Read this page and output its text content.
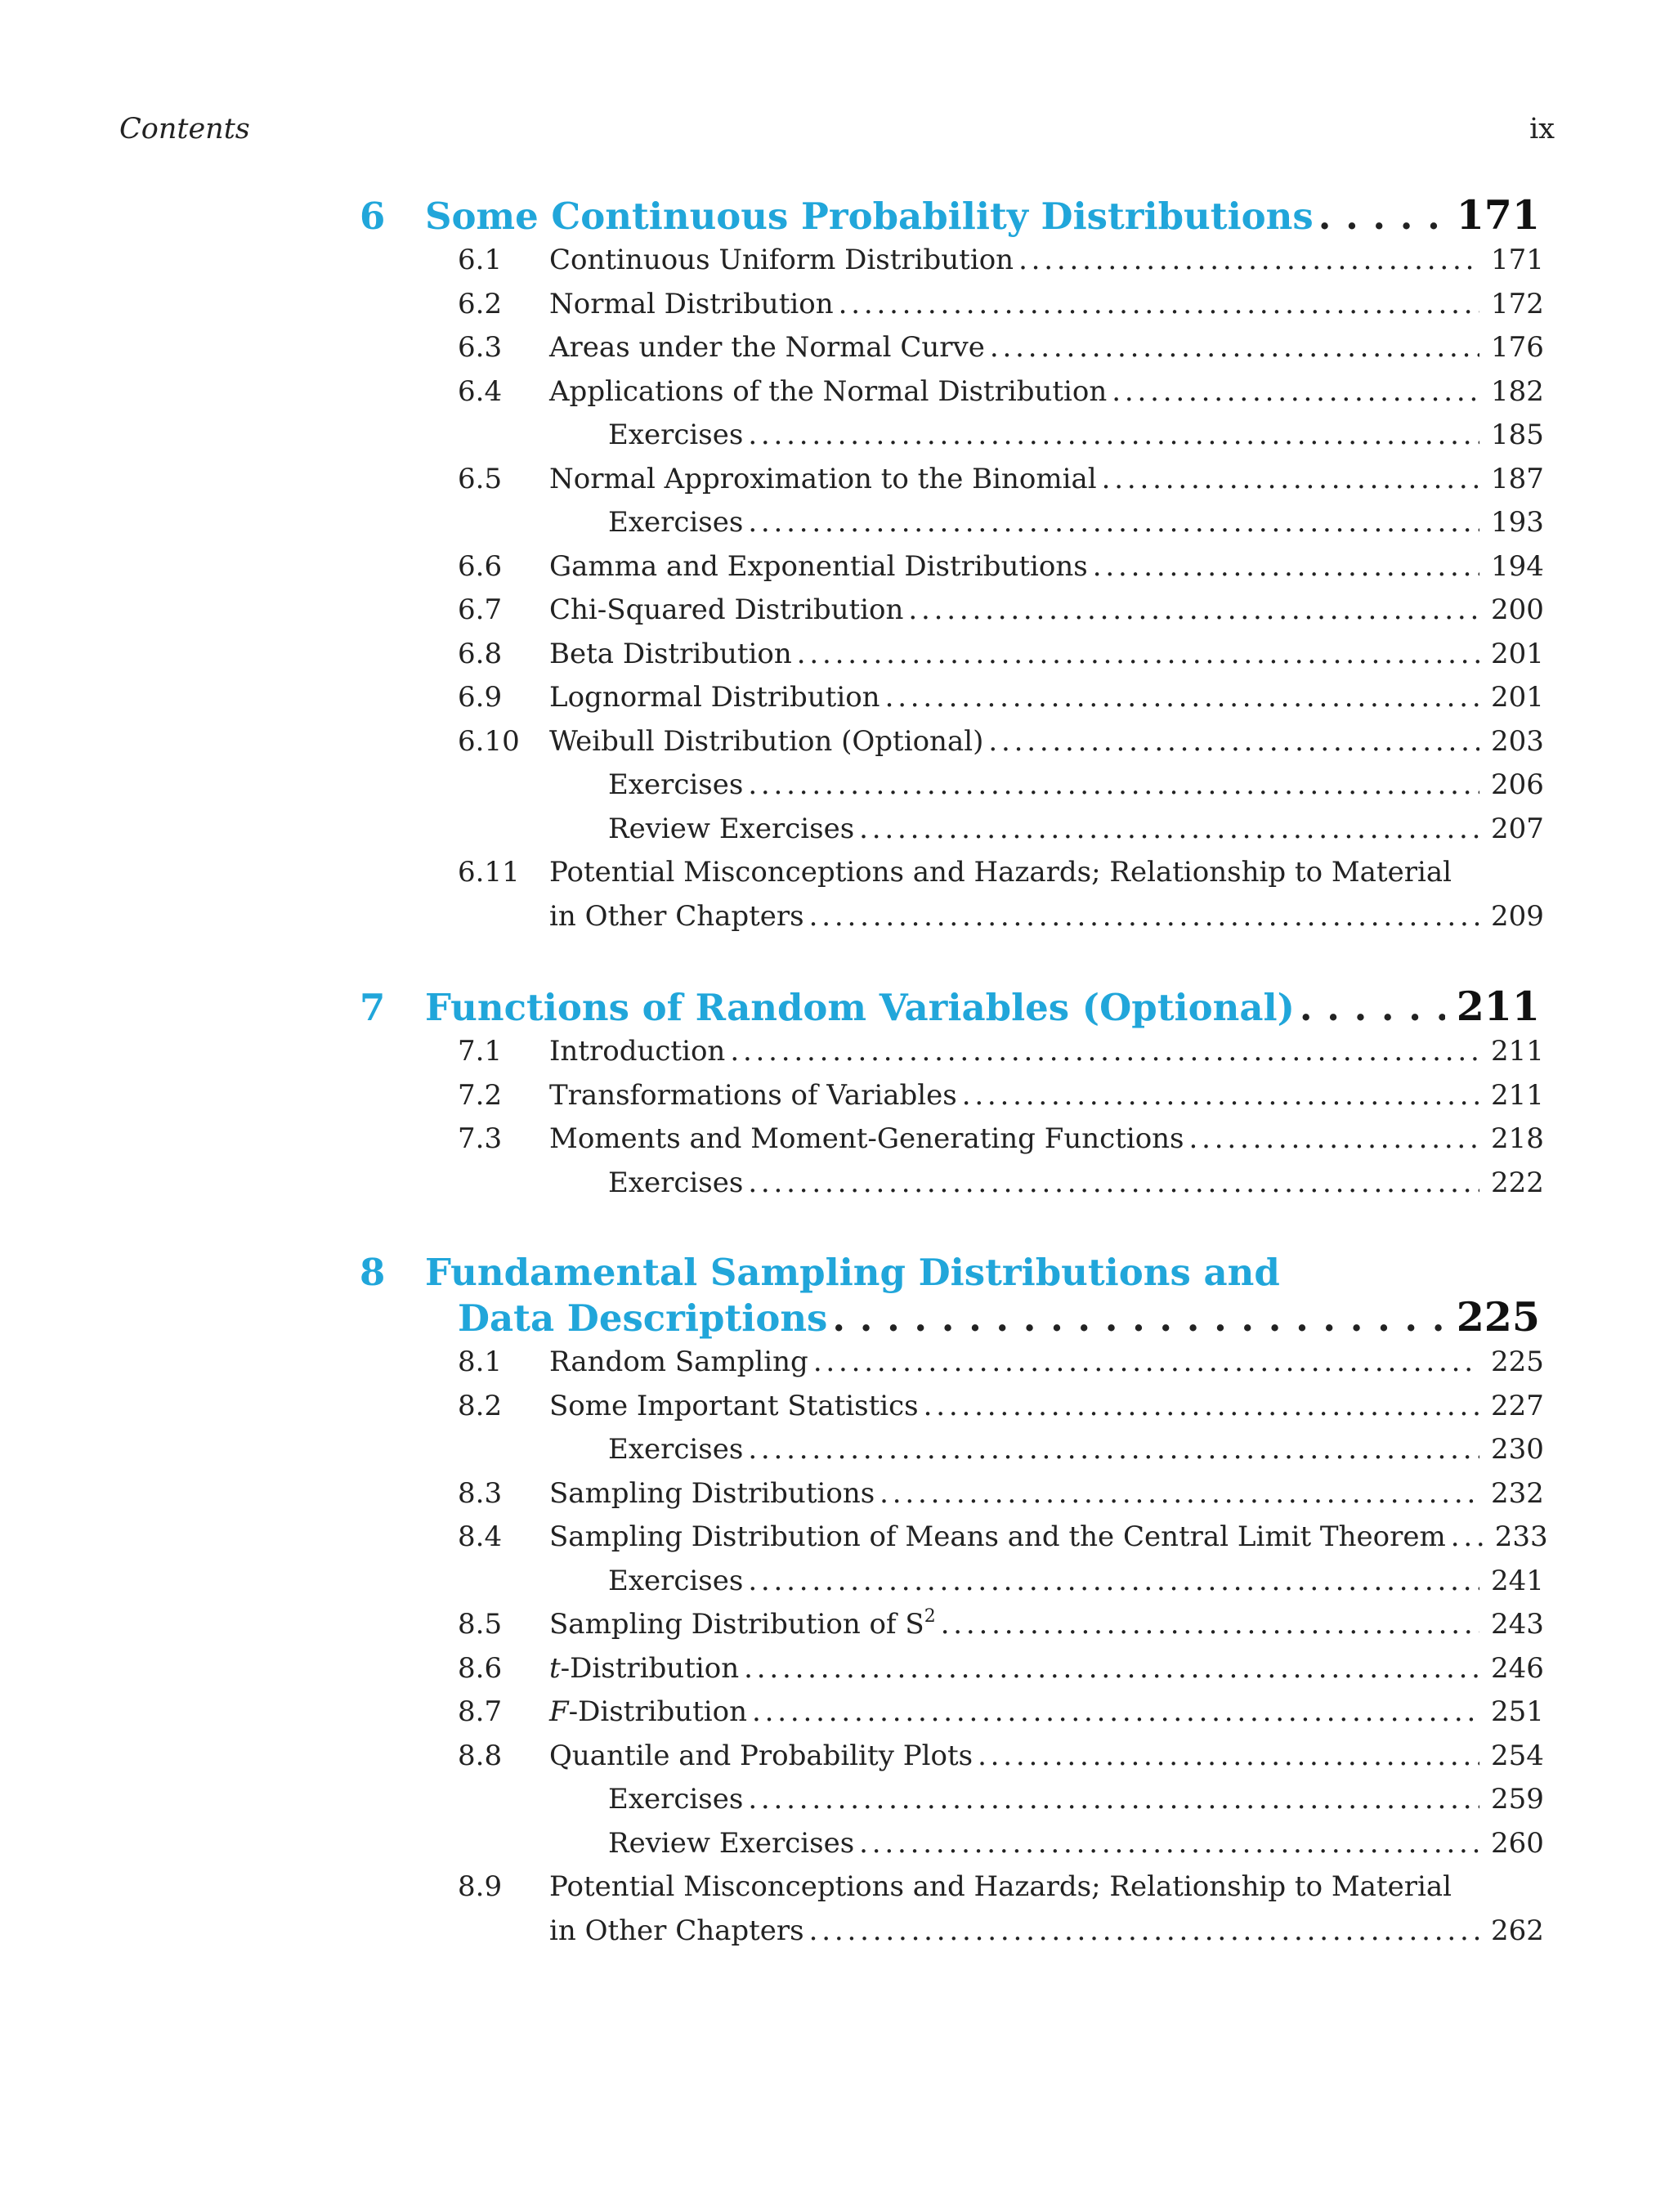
Contents	ix
6	Some Continuous Probability Distributions . . .	171
6.1	Continuous Uniform Distribution . . .	171
6.2	Normal Distribution . . .	172
6.3	Areas under the Normal Curve . . .	176
6.4	Applications of the Normal Distribution . . .	182
Exercises . . .	185
6.5	Normal Approximation to the Binomial . . .	187
Exercises . . .	193
6.6	Gamma and Exponential Distributions . . .	194
6.7	Chi-Squared Distribution . . .	200
6.8	Beta Distribution . . .	201
6.9	Lognormal Distribution . . .	201
6.10	Weibull Distribution (Optional) . . .	203
Exercises . . .	206
Review Exercises . . .	207
6.11	Potential Misconceptions and Hazards; Relationship to Material
in Other Chapters . . .	209
7	Functions of Random Variables (Optional) . . .	211
7.1	Introduction . . .	211
7.2	Transformations of Variables . . .	211
7.3	Moments and Moment-Generating Functions . . .	218
Exercises . . .	222
8	Fundamental Sampling Distributions and
Data Descriptions . . .	225
8.1	Random Sampling . . .	225
8.2	Some Important Statistics . . .	227
Exercises . . .	230
8.3	Sampling Distributions . . .	232
8.4	Sampling Distribution of Means and the Central Limit Theorem . . . 233
Exercises . . .	241
8.5	Sampling Distribution of $S^2$ . . .	243
8.6	t-Distribution . . .	246
8.7	F-Distribution . . .	251
8.8	Quantile and Probability Plots . . .	254
Exercises . . .	259
Review Exercises . . .	260
8.9	Potential Misconceptions and Hazards; Relationship to Material
in Other Chapters . . .	262
